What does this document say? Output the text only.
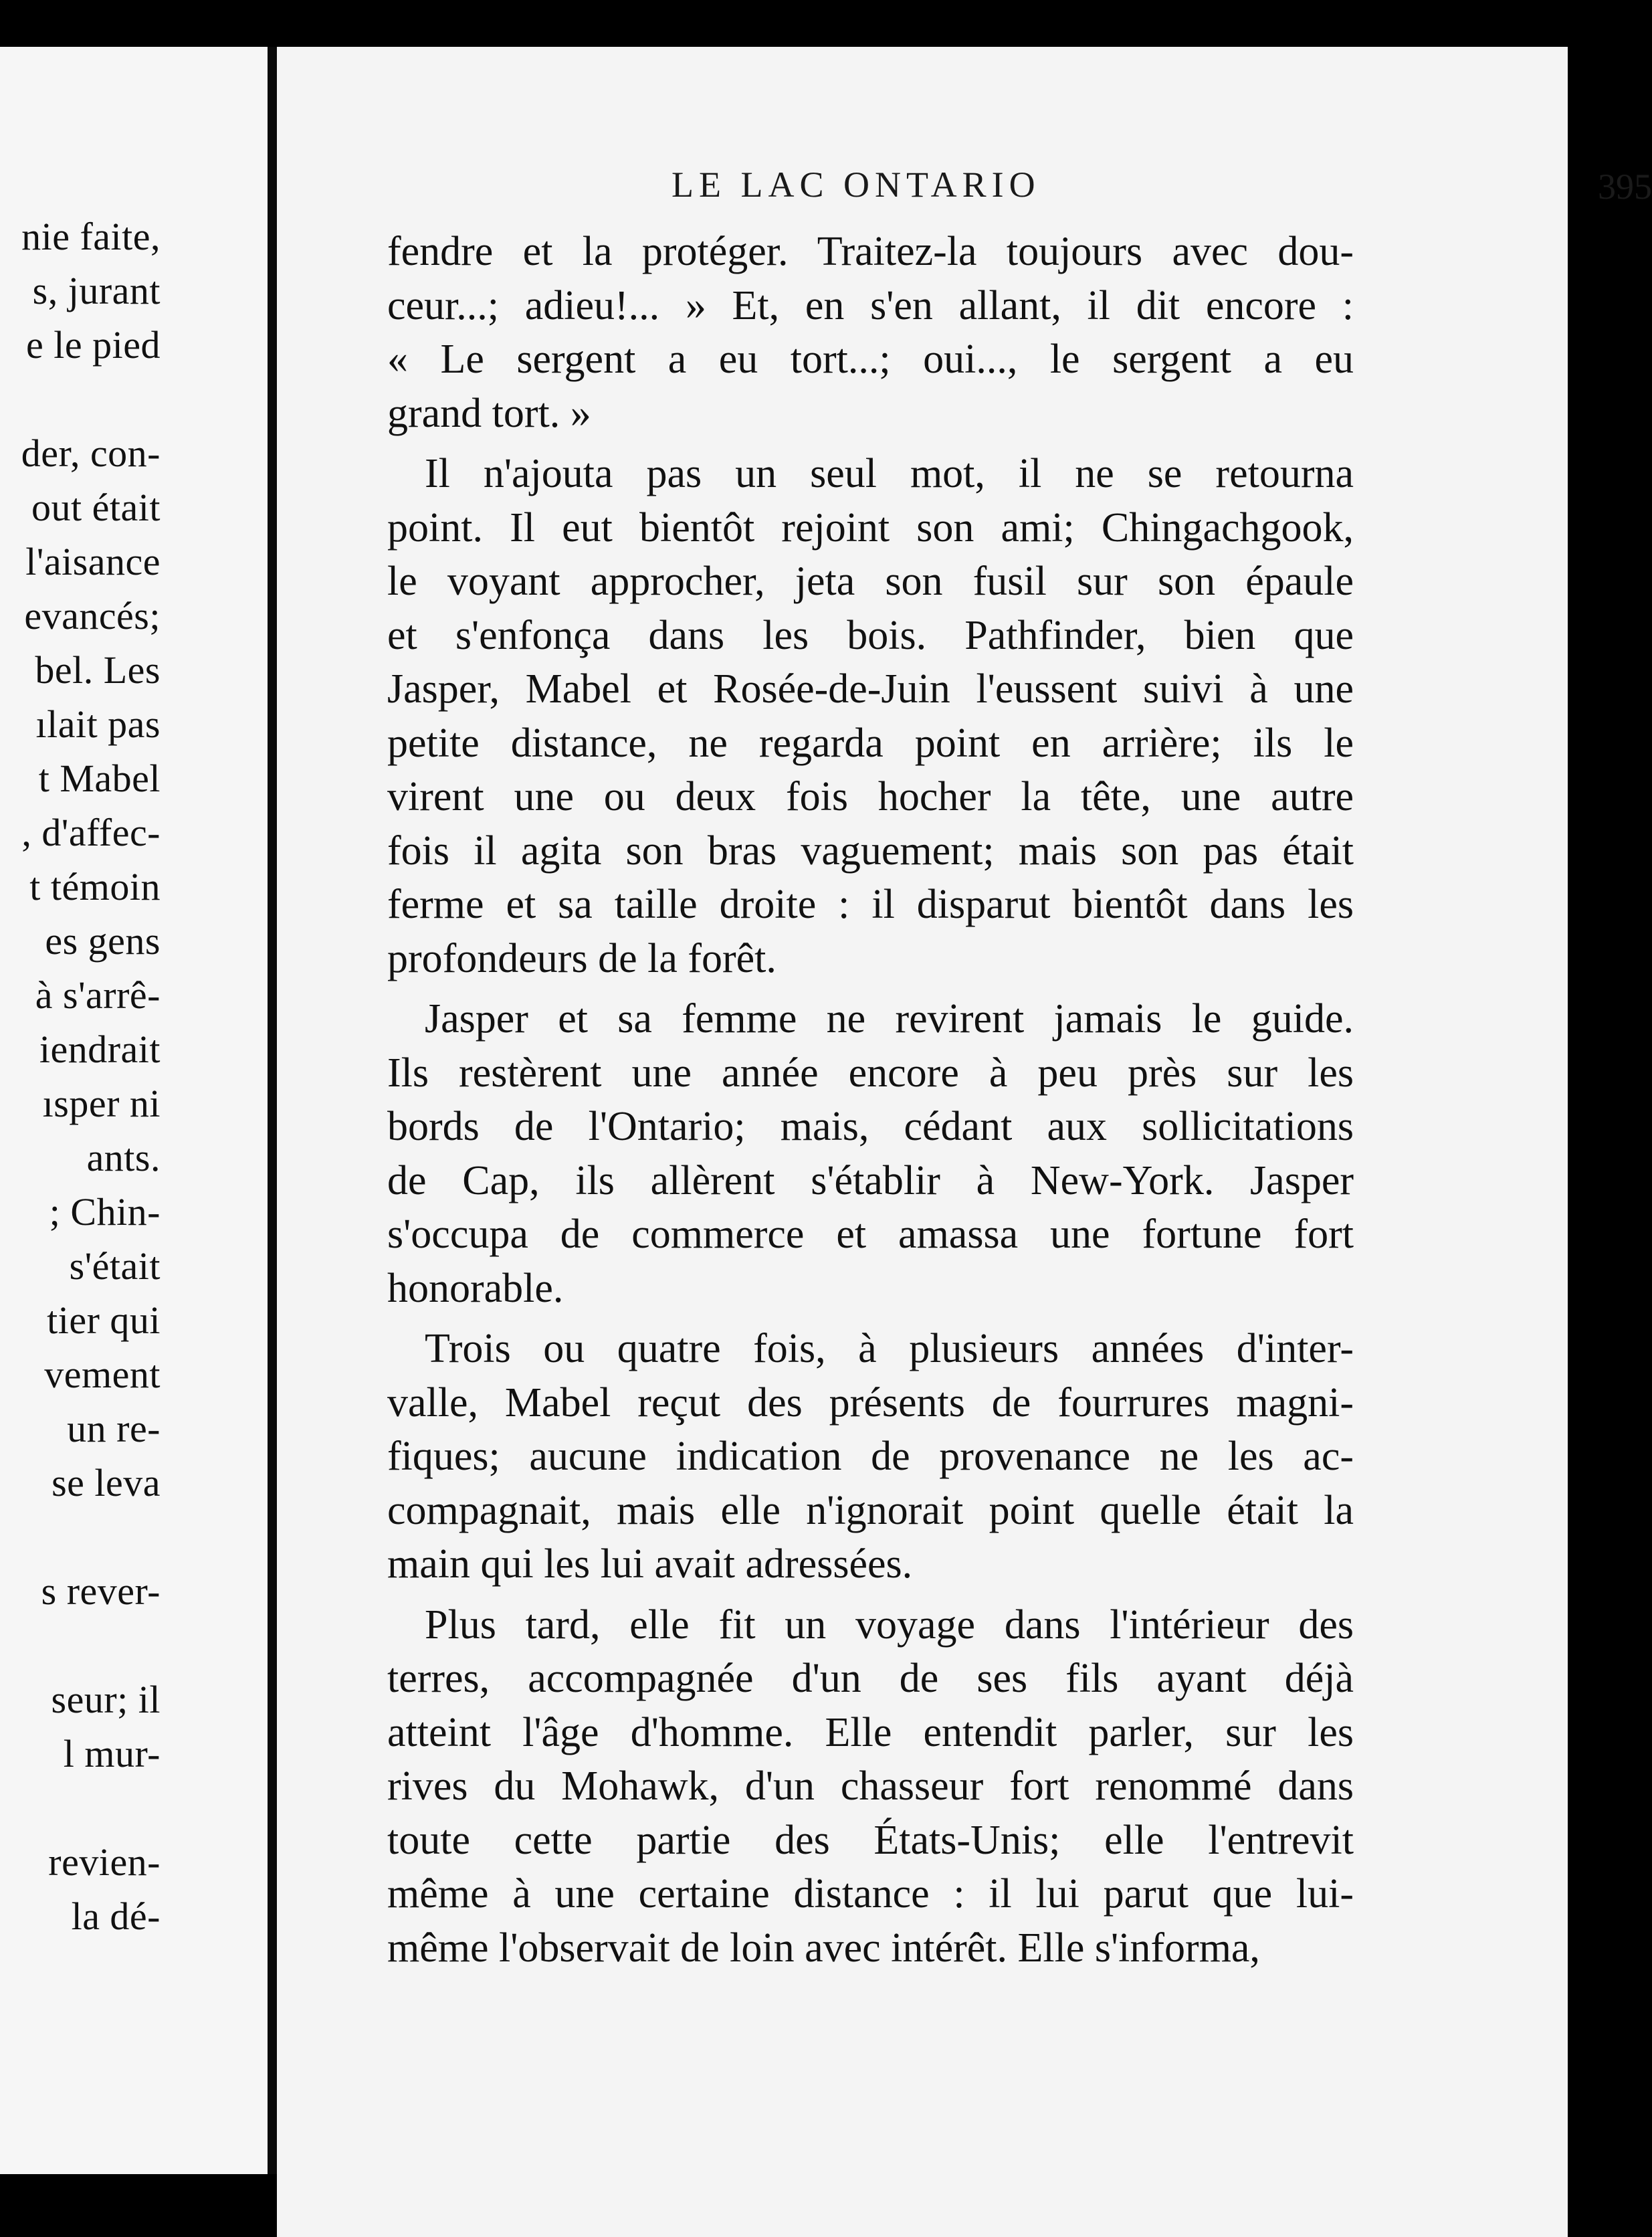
nie faite,
s, jurant
e le pied
der, con-
out était
l'aisance
evancés;
bel. Les
ılait pas
t Mabel
, d'affec-
t témoin
es gens
à s'arrê-
iendrait
ısper ni
ants.
; Chin-
s'était
tier qui
vement
un re-
se leva
s rever-
seur; il
l mur-
revien-
la dé-
LE LAC ONTARIO	395
fendre et la protéger. Traitez-la toujours avec dou-
ceur...; adieu!... » Et, en s'en allant, il dit encore :
« Le sergent a eu tort...; oui..., le sergent a eu
grand tort. »
Il n'ajouta pas un seul mot, il ne se retourna
point. Il eut bientôt rejoint son ami; Chingachgook,
le voyant approcher, jeta son fusil sur son épaule
et s'enfonça dans les bois. Pathfinder, bien que
Jasper, Mabel et Rosée-de-Juin l'eussent suivi à une
petite distance, ne regarda point en arrière; ils le
virent une ou deux fois hocher la tête, une autre
fois il agita son bras vaguement; mais son pas était
ferme et sa taille droite : il disparut bientôt dans les
profondeurs de la forêt.
Jasper et sa femme ne revirent jamais le guide.
Ils restèrent une année encore à peu près sur les
bords de l'Ontario; mais, cédant aux sollicitations
de Cap, ils allèrent s'établir à New-York. Jasper
s'occupa de commerce et amassa une fortune fort
honorable.
Trois ou quatre fois, à plusieurs années d'inter-
valle, Mabel reçut des présents de fourrures magni-
fiques; aucune indication de provenance ne les ac-
compagnait, mais elle n'ignorait point quelle était la
main qui les lui avait adressées.
Plus tard, elle fit un voyage dans l'intérieur des
terres, accompagnée d'un de ses fils ayant déjà
atteint l'âge d'homme. Elle entendit parler, sur les
rives du Mohawk, d'un chasseur fort renommé dans
toute cette partie des États-Unis; elle l'entrevit
même à une certaine distance : il lui parut que lui-
même l'observait de loin avec intérêt. Elle s'informa,
